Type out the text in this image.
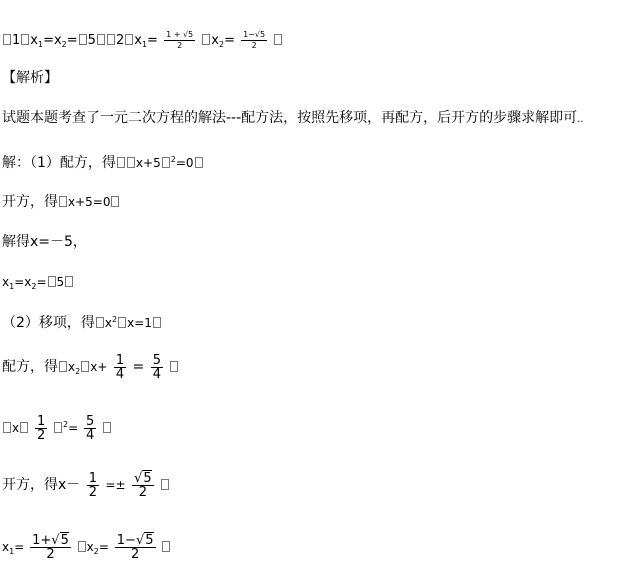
1 $x_1=x_2= 5$ 2 $x_1= \frac{1 + √5}{2} x_2= \frac{1-√5}{2}$

【解析】
试题本题考查了一元二次方程的解法---配方法，按照先移项，再配方，后开方的步骤求解即可..
解：（1）配方，得 x+5 $^2$=0
开方，得 x+5=0
解得x=－5，
$x_1=x_2= 5$
（2）移项，得 $x^2$ x=1
配方，得 $x_2$ $x+ \frac{1}{4} = \frac{5}{4}$

x $\frac{1}{2} ^2= \frac{5}{4}$

开方，得$x- \frac{1}{2} =\pm \frac{√5}{2}$

$x_1= \frac{1+√5}{2} x_2= \frac{1-√5}{2}$
